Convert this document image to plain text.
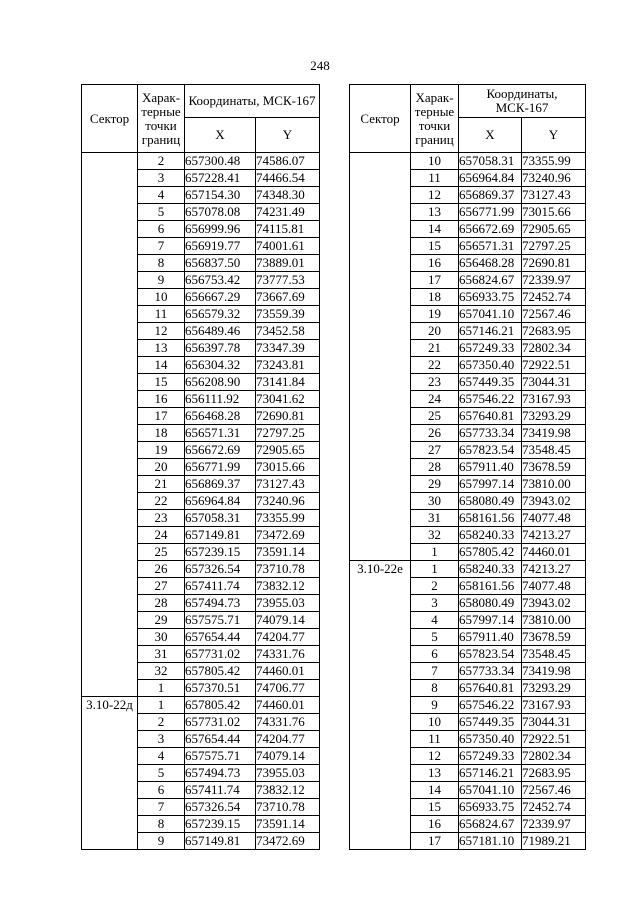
248
Сектор	Харак-терные точки границ	Координаты, МСК-167	
		X	Y
	2	657300.48	74586.07
	3	657228.41	74466.54
	4	657154.30	74348.30
	5	657078.08	74231.49
	6	656999.96	74115.81
	7	656919.77	74001.61
	8	656837.50	73889.01
	9	656753.42	73777.53
	10	656667.29	73667.69
	11	656579.32	73559.39
	12	656489.46	73452.58
	13	656397.78	73347.39
	14	656304.32	73243.81
	15	656208.90	73141.84
	16	656111.92	73041.62
	17	656468.28	72690.81
	18	656571.31	72797.25
	19	656672.69	72905.65
	20	656771.99	73015.66
	21	656869.37	73127.43
	22	656964.84	73240.96
	23	657058.31	73355.99
	24	657149.81	73472.69
	25	657239.15	73591.14
	26	657326.54	73710.78
	27	657411.74	73832.12
	28	657494.73	73955.03
	29	657575.71	74079.14
	30	657654.44	74204.77
	31	657731.02	74331.76
	32	657805.42	74460.01
	1	657370.51	74706.77
3.10-22д	1	657805.42	74460.01
	2	657731.02	74331.76
	3	657654.44	74204.77
	4	657575.71	74079.14
	5	657494.73	73955.03
	6	657411.74	73832.12
	7	657326.54	73710.78
	8	657239.15	73591.14
	9	657149.81	73472.69
Сектор	Харак-терные точки границ	Координаты, МСК-167	
		X	Y
	10	657058.31	73355.99
	11	656964.84	73240.96
	12	656869.37	73127.43
	13	656771.99	73015.66
	14	656672.69	72905.65
	15	656571.31	72797.25
	16	656468.28	72690.81
	17	656824.67	72339.97
	18	656933.75	72452.74
	19	657041.10	72567.46
	20	657146.21	72683.95
	21	657249.33	72802.34
	22	657350.40	72922.51
	23	657449.35	73044.31
	24	657546.22	73167.93
	25	657640.81	73293.29
	26	657733.34	73419.98
	27	657823.54	73548.45
	28	657911.40	73678.59
	29	657997.14	73810.00
	30	658080.49	73943.02
	31	658161.56	74077.48
	32	658240.33	74213.27
	1	657805.42	74460.01
3.10-22е	1	658240.33	74213.27
	2	658161.56	74077.48
	3	658080.49	73943.02
	4	657997.14	73810.00
	5	657911.40	73678.59
	6	657823.54	73548.45
	7	657733.34	73419.98
	8	657640.81	73293.29
	9	657546.22	73167.93
	10	657449.35	73044.31
	11	657350.40	72922.51
	12	657249.33	72802.34
	13	657146.21	72683.95
	14	657041.10	72567.46
	15	656933.75	72452.74
	16	656824.67	72339.97
	17	657181.10	71989.21
